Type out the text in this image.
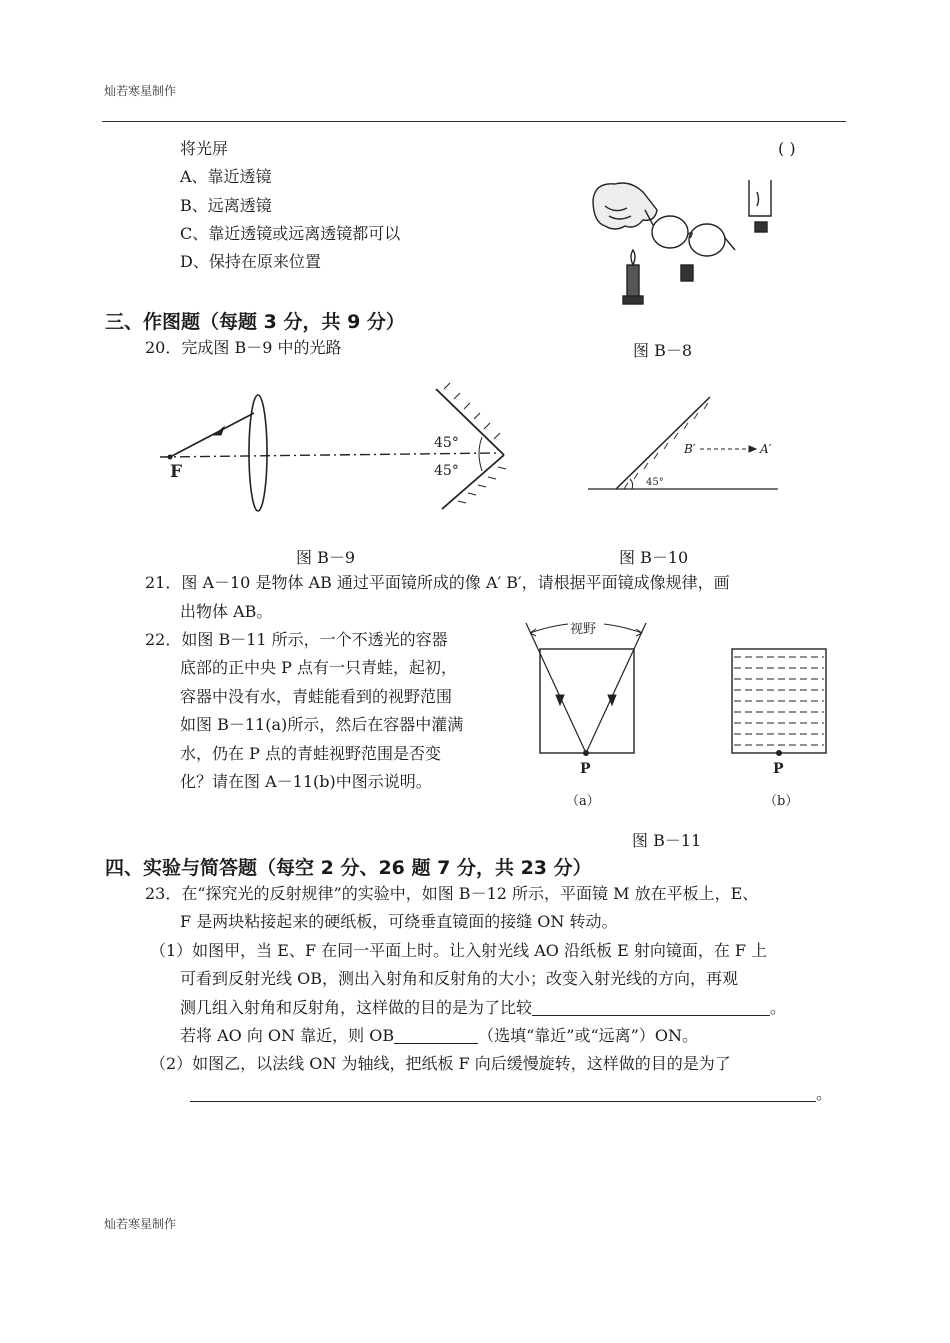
灿若寒星制作
将光屏	( )
A、靠近透镜
B、远离透镜
C、靠近透镜或远离透镜都可以
D、保持在原来位置
图 B－8
三、作图题（每题 3 分，共 9 分）
20．完成图 B－9 中的光路
F
45°
45°
B′	A′
45°
图 B－9	图 B－10
21．图 A－10 是物体 AB 通过平面镜所成的像 A′ B′，请根据平面镜成像规律，画
出物体 AB。
22．如图 B－11 所示，一个不透光的容器
底部的正中央 P 点有一只青蛙，起初，
容器中没有水，青蛙能看到的视野范围
如图 B－11(a)所示，然后在容器中灌满
水，仍在 P 点的青蛙视野范围是否变
化？请在图 A－11(b)中图示说明。
视野
P
（a）
P
（b）
图 B－11
四、实验与简答题（每空 2 分、26 题 7 分，共 23 分）
23．在“探究光的反射规律”的实验中，如图 B－12 所示，平面镜 M 放在平板上，E、
F 是两块粘接起来的硬纸板，可绕垂直镜面的接缝 ON 转动。
（1）如图甲，当 E、F 在同一平面上时。让入射光线 AO 沿纸板 E 射向镜面，在 F 上
可看到反射光线 OB，测出入射角和反射角的大小；改变入射光线的方向，再观
测几组入射角和反射角，这样做的目的是为了比较	。
若将 AO 向 ON 靠近，则 OB	（选填“靠近”或“远离”）ON。
（2）如图乙，以法线 ON 为轴线，把纸板 F 向后缓慢旋转，这样做的目的是为了
。
灿若寒星制作
